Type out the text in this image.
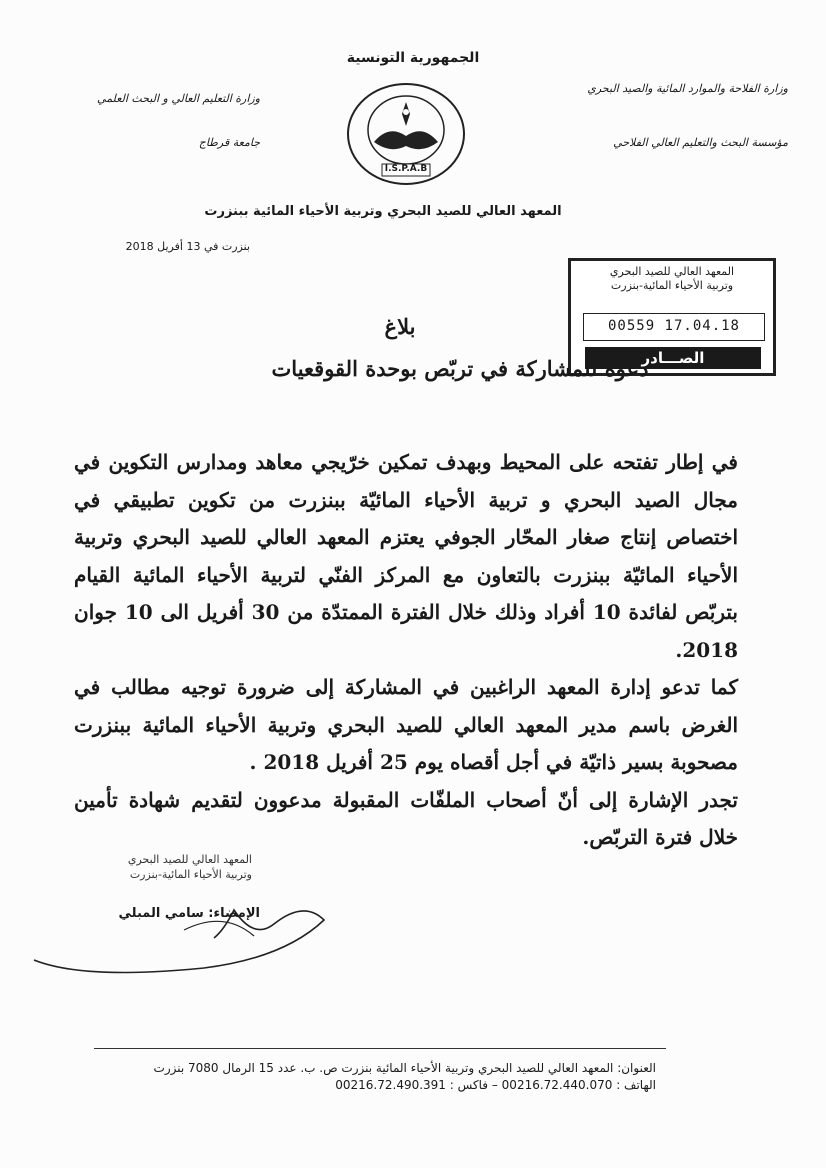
الجمهورية التونسية
وزارة الفلاحة والموارد المائية والصيد البحري
مؤسسة البحث والتعليم العالي الفلاحي
وزارة التعليم العالي و البحث العلمي
جامعة قرطاج
I.S.P.A.B
المعهد العالي للصيد البحري وتربية الأحياء المائية ببنزرت
بنزرت في 13 أفريل 2018
المعهد العالي للصيد البحري
وتربية الأحياء المائية-بنزرت
00559 17.04.18
الصـــادر
بلاغ
دعوة للمشاركة في تربّص بوحدة القوقعيات

في إطار تفتحه على المحيط وبهدف تمكين خرّيجي معاهد ومدارس التكوين في مجال الصيد البحري و تربية الأحياء المائيّة ببنزرت من تكوين تطبيقي في اختصاص إنتاج صغار المحّار الجوفي يعتزم المعهد العالي للصيد البحري وتربية الأحياء المائيّة ببنزرت بالتعاون مع المركز الفنّي لتربية الأحياء المائية القيام بتربّص لفائدة 10 أفراد وذلك خلال الفترة الممتدّة من 30 أفريل الى 10 جوان 2018.

كما تدعو إدارة المعهد الراغبين في المشاركة إلى ضرورة توجيه مطالب في الغرض باسم مدير المعهد العالي للصيد البحري وتربية الأحياء المائية ببنزرت مصحوبة بسير ذاتيّة في أجل أقصاه يوم 25 أفريل 2018 .

تجدر الإشارة إلى أنّ أصحاب الملفّات المقبولة مدعوون لتقديم شهادة تأمين خلال فترة التربّص.

المعهد العالي للصيد البحري
وتربية الأحياء المائية-بنزرت
الإمضاء: سامي المبلي
العنوان: المعهد العالي للصيد البحري وتربية الأحياء المائية بنزرت ص. ب. عدد 15 الرمال 7080 بنزرت
الهاتف : 00216.72.440.070 – فاكس : 00216.72.490.391
